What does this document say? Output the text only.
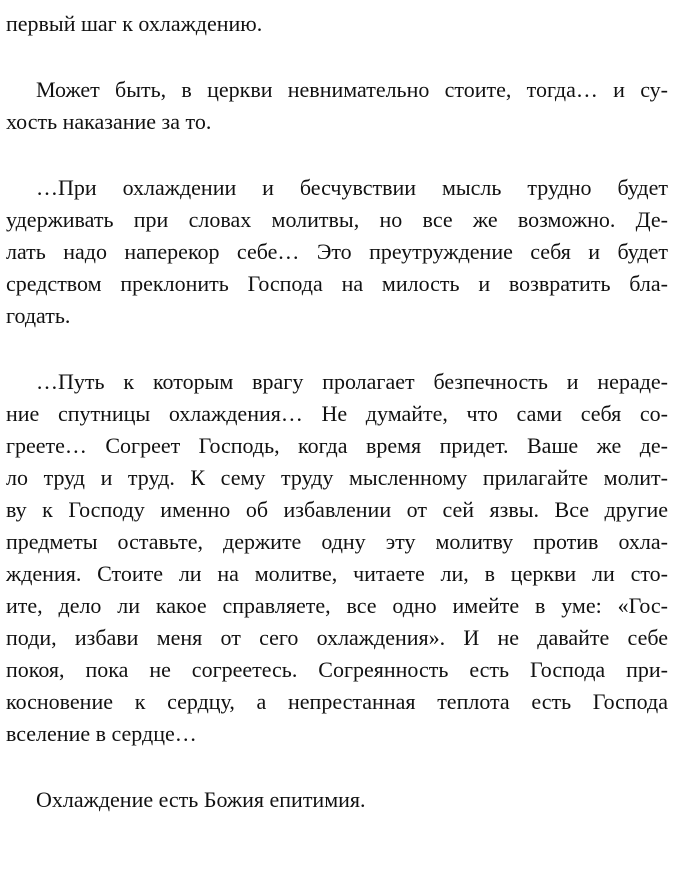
первый шаг к охлаждению.

Может быть, в церкви невнимательно стоите, тогда… и су-
хость наказание за то.

…При охлаждении и бесчувствии мысль трудно будет
удерживать при словах молитвы, но все же возможно. Де-
лать надо наперекор себе… Это преутруждение себя и будет
средством преклонить Господа на милость и возвратить бла-
годать.

…Путь к которым врагу пролагает безпечность и нераде-
ние спутницы охлаждения… Не думайте, что сами себя со-
греете… Согреет Господь, когда время придет. Ваше же де-
ло труд и труд. К сему труду мысленному прилагайте молит-
ву к Господу именно об избавлении от сей язвы. Все другие
предметы оставьте, держите одну эту молитву против охла-
ждения. Стоите ли на молитве, читаете ли, в церкви ли сто-
ите, дело ли какое справляете, все одно имейте в уме: «Гос-
поди, избави меня от сего охлаждения». И не давайте себе
покоя, пока не согреетесь. Согреянность есть Господа при-
косновение к сердцу, а непрестанная теплота есть Господа
вселение в сердце…

Охлаждение есть Божия епитимия.
